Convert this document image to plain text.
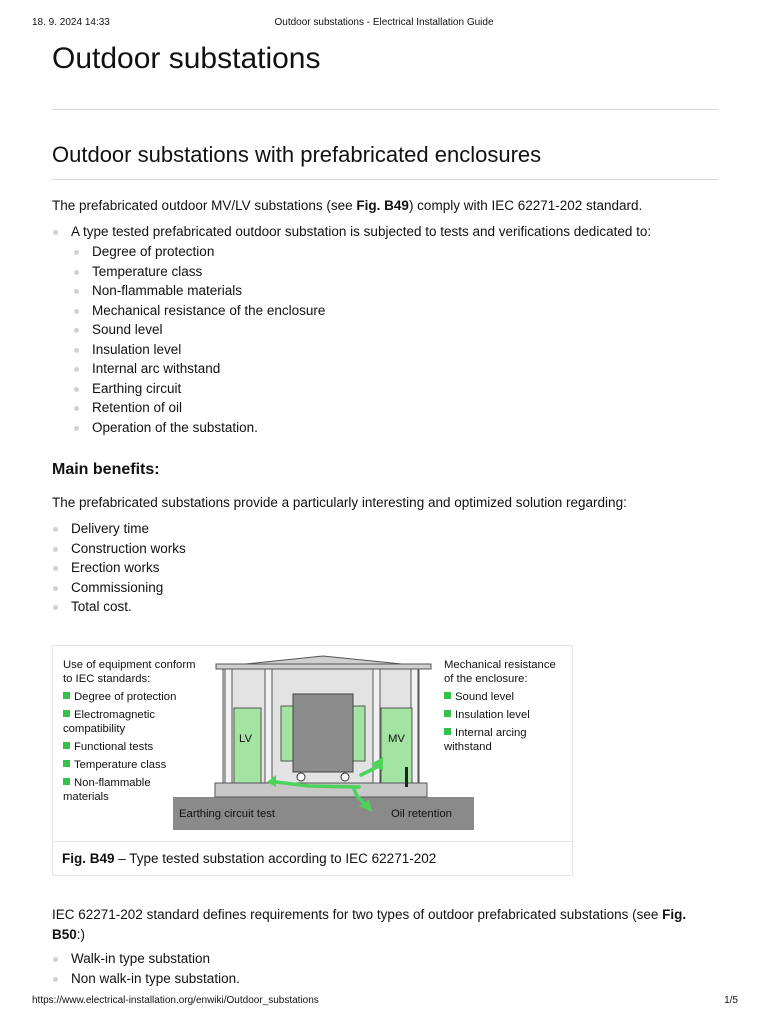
18. 9. 2024 14:33	Outdoor substations - Electrical Installation Guide
Outdoor substations
Outdoor substations with prefabricated enclosures

The prefabricated outdoor MV/LV substations (see Fig. B49) comply with IEC 62271-202 standard.

A type tested prefabricated outdoor substation is subjected to tests and verifications dedicated to:
Degree of protection
Temperature class
Non-flammable materials
Mechanical resistance of the enclosure
Sound level
Insulation level
Internal arc withstand
Earthing circuit
Retention of oil
Operation of the substation.
Main benefits:

The prefabricated substations provide a particularly interesting and optimized solution regarding:

Delivery time
Construction works
Erection works
Commissioning
Total cost.
LV	MV
Earthing circuit test	Oil retention
Use of equipment conform
to IEC standards:
Degree of protection
Electromagnetic
compatibility
Functional tests
Temperature class
Non-flammable
materials
Mechanical resistance
of the enclosure:
Sound level
Insulation level
Internal arcing
withstand
Fig. B49 – Type tested substation according to IEC 62271-202

IEC 62271-202 standard defines requirements for two types of outdoor prefabricated substations (see Fig. B50:)

Walk-in type substation
Non walk-in type substation.
https://www.electrical-installation.org/enwiki/Outdoor_substations	1/5
